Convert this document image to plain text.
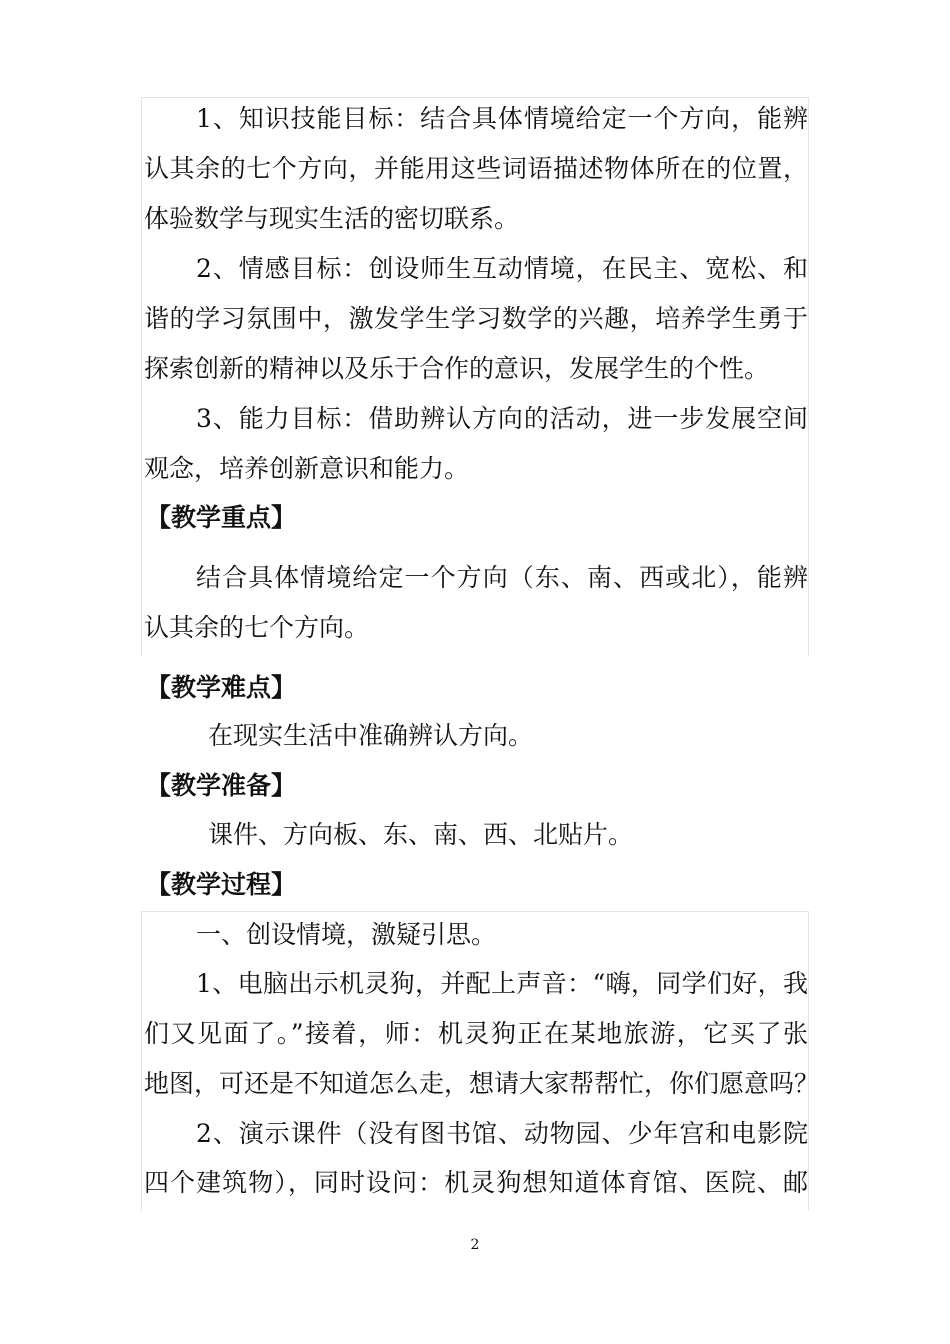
1、知识技能目标：结合具体情境给定一个方向，能辨
认其余的七个方向，并能用这些词语描述物体所在的位置，
体验数学与现实生活的密切联系。
2、情感目标：创设师生互动情境，在民主、宽松、和
谐的学习氛围中，激发学生学习数学的兴趣，培养学生勇于
探索创新的精神以及乐于合作的意识，发展学生的个性。
3、能力目标：借助辨认方向的活动，进一步发展空间
观念，培养创新意识和能力。
【教学重点】
结合具体情境给定一个方向（东、南、西或北），能辨
认其余的七个方向。
【教学难点】
在现实生活中准确辨认方向。
【教学准备】
课件、方向板、东、南、西、北贴片。
【教学过程】
一、创设情境，激疑引思。
1、电脑出示机灵狗，并配上声音：“嗨，同学们好，我
们又见面了。”接着，师：机灵狗正在某地旅游，它买了张
地图，可还是不知道怎么走，想请大家帮帮忙，你们愿意吗？
2、演示课件（没有图书馆、动物园、少年宫和电影院
四个建筑物），同时设问：机灵狗想知道体育馆、医院、邮
2
